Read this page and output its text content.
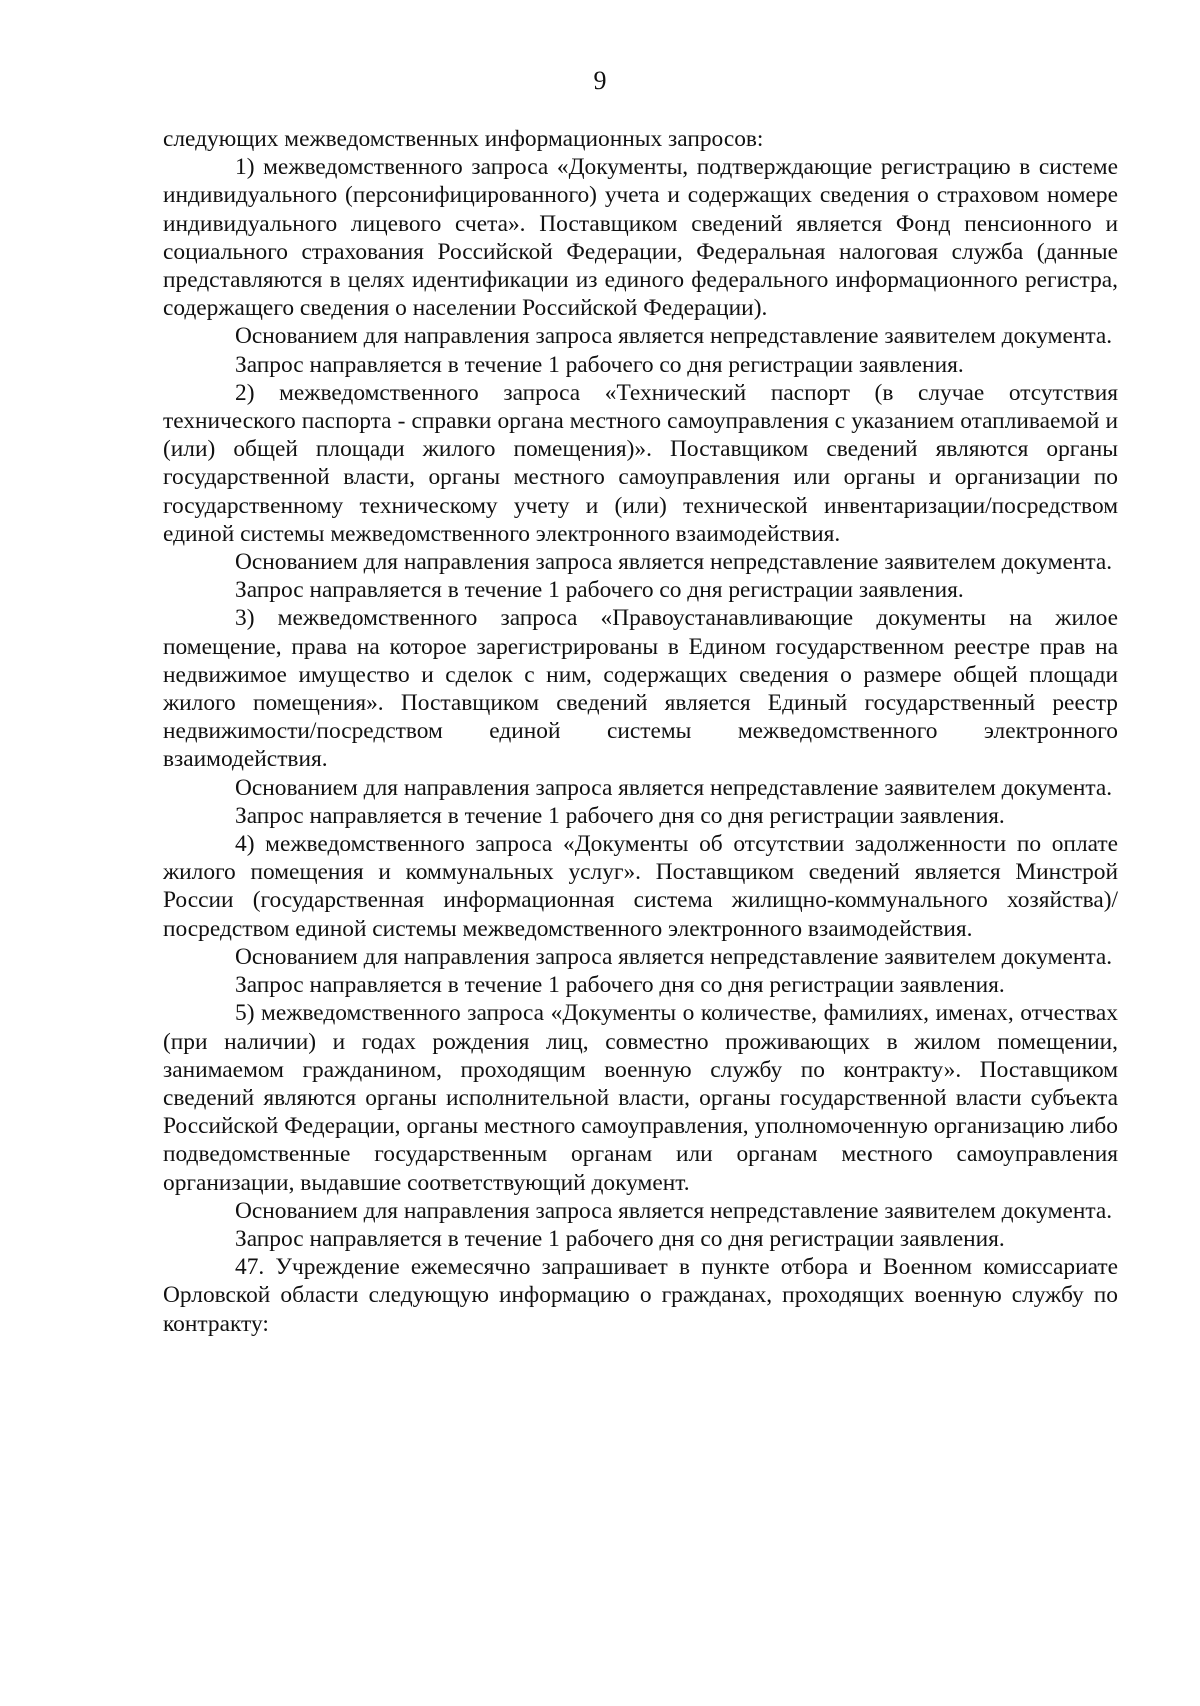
9

следующих межведомственных информационных запросов:

1) межведомственного запроса «Документы, подтверждающие регистрацию в системе индивидуального (персонифицированного) учета и содержащих сведения о страховом номере индивидуального лицевого счета». Поставщиком сведений является Фонд пенсионного и социального страхования Российской Федерации, Федеральная налоговая служба (данные представляются в целях идентификации из единого федерального информационного регистра, содержащего сведения о населении Российской Федерации).

Основанием для направления запроса является непредставление заявителем документа.

Запрос направляется в течение 1 рабочего со дня регистрации заявления.

2) межведомственного запроса «Технический паспорт (в случае отсутствия технического паспорта - справки органа местного самоуправления с указанием отапливаемой и (или) общей площади жилого помещения)». Поставщиком сведений являются органы государственной власти, органы местного самоуправления или органы и организации по государственному техническому учету и (или) технической инвентаризации/посредством единой системы межведомственного электронного взаимодействия.

Основанием для направления запроса является непредставление заявителем документа.

Запрос направляется в течение 1 рабочего со дня регистрации заявления.

3) межведомственного запроса «Правоустанавливающие документы на жилое помещение, права на которое зарегистрированы в Едином государственном реестре прав на недвижимое имущество и сделок с ним, содержащих сведения о размере общей площади жилого помещения». Поставщиком сведений является Единый государственный реестр недвижимости/посредством единой системы межведомственного электронного взаимодействия.

Основанием для направления запроса является непредставление заявителем документа.

Запрос направляется в течение 1 рабочего дня со дня регистрации заявления.

4) межведомственного запроса «Документы об отсутствии задолженности по оплате жилого помещения и коммунальных услуг». Поставщиком сведений является Минстрой России (государственная информационная система жилищно-коммунального хозяйства)/посредством единой системы межведомственного электронного взаимодействия.

Основанием для направления запроса является непредставление заявителем документа.

Запрос направляется в течение 1 рабочего дня со дня регистрации заявления.

5) межведомственного запроса «Документы о количестве, фамилиях, именах, отчествах (при наличии) и годах рождения лиц, совместно проживающих в жилом помещении, занимаемом гражданином, проходящим военную службу по контракту». Поставщиком сведений являются органы исполнительной власти, органы государственной власти субъекта Российской Федерации, органы местного самоуправления, уполномоченную организацию либо подведомственные государственным органам или органам местного самоуправления организации, выдавшие соответствующий документ.

Основанием для направления запроса является непредставление заявителем документа.

Запрос направляется в течение 1 рабочего дня со дня регистрации заявления.

47. Учреждение ежемесячно запрашивает в пункте отбора и Военном комиссариате Орловской области следующую информацию о гражданах, проходящих военную службу по контракту:
